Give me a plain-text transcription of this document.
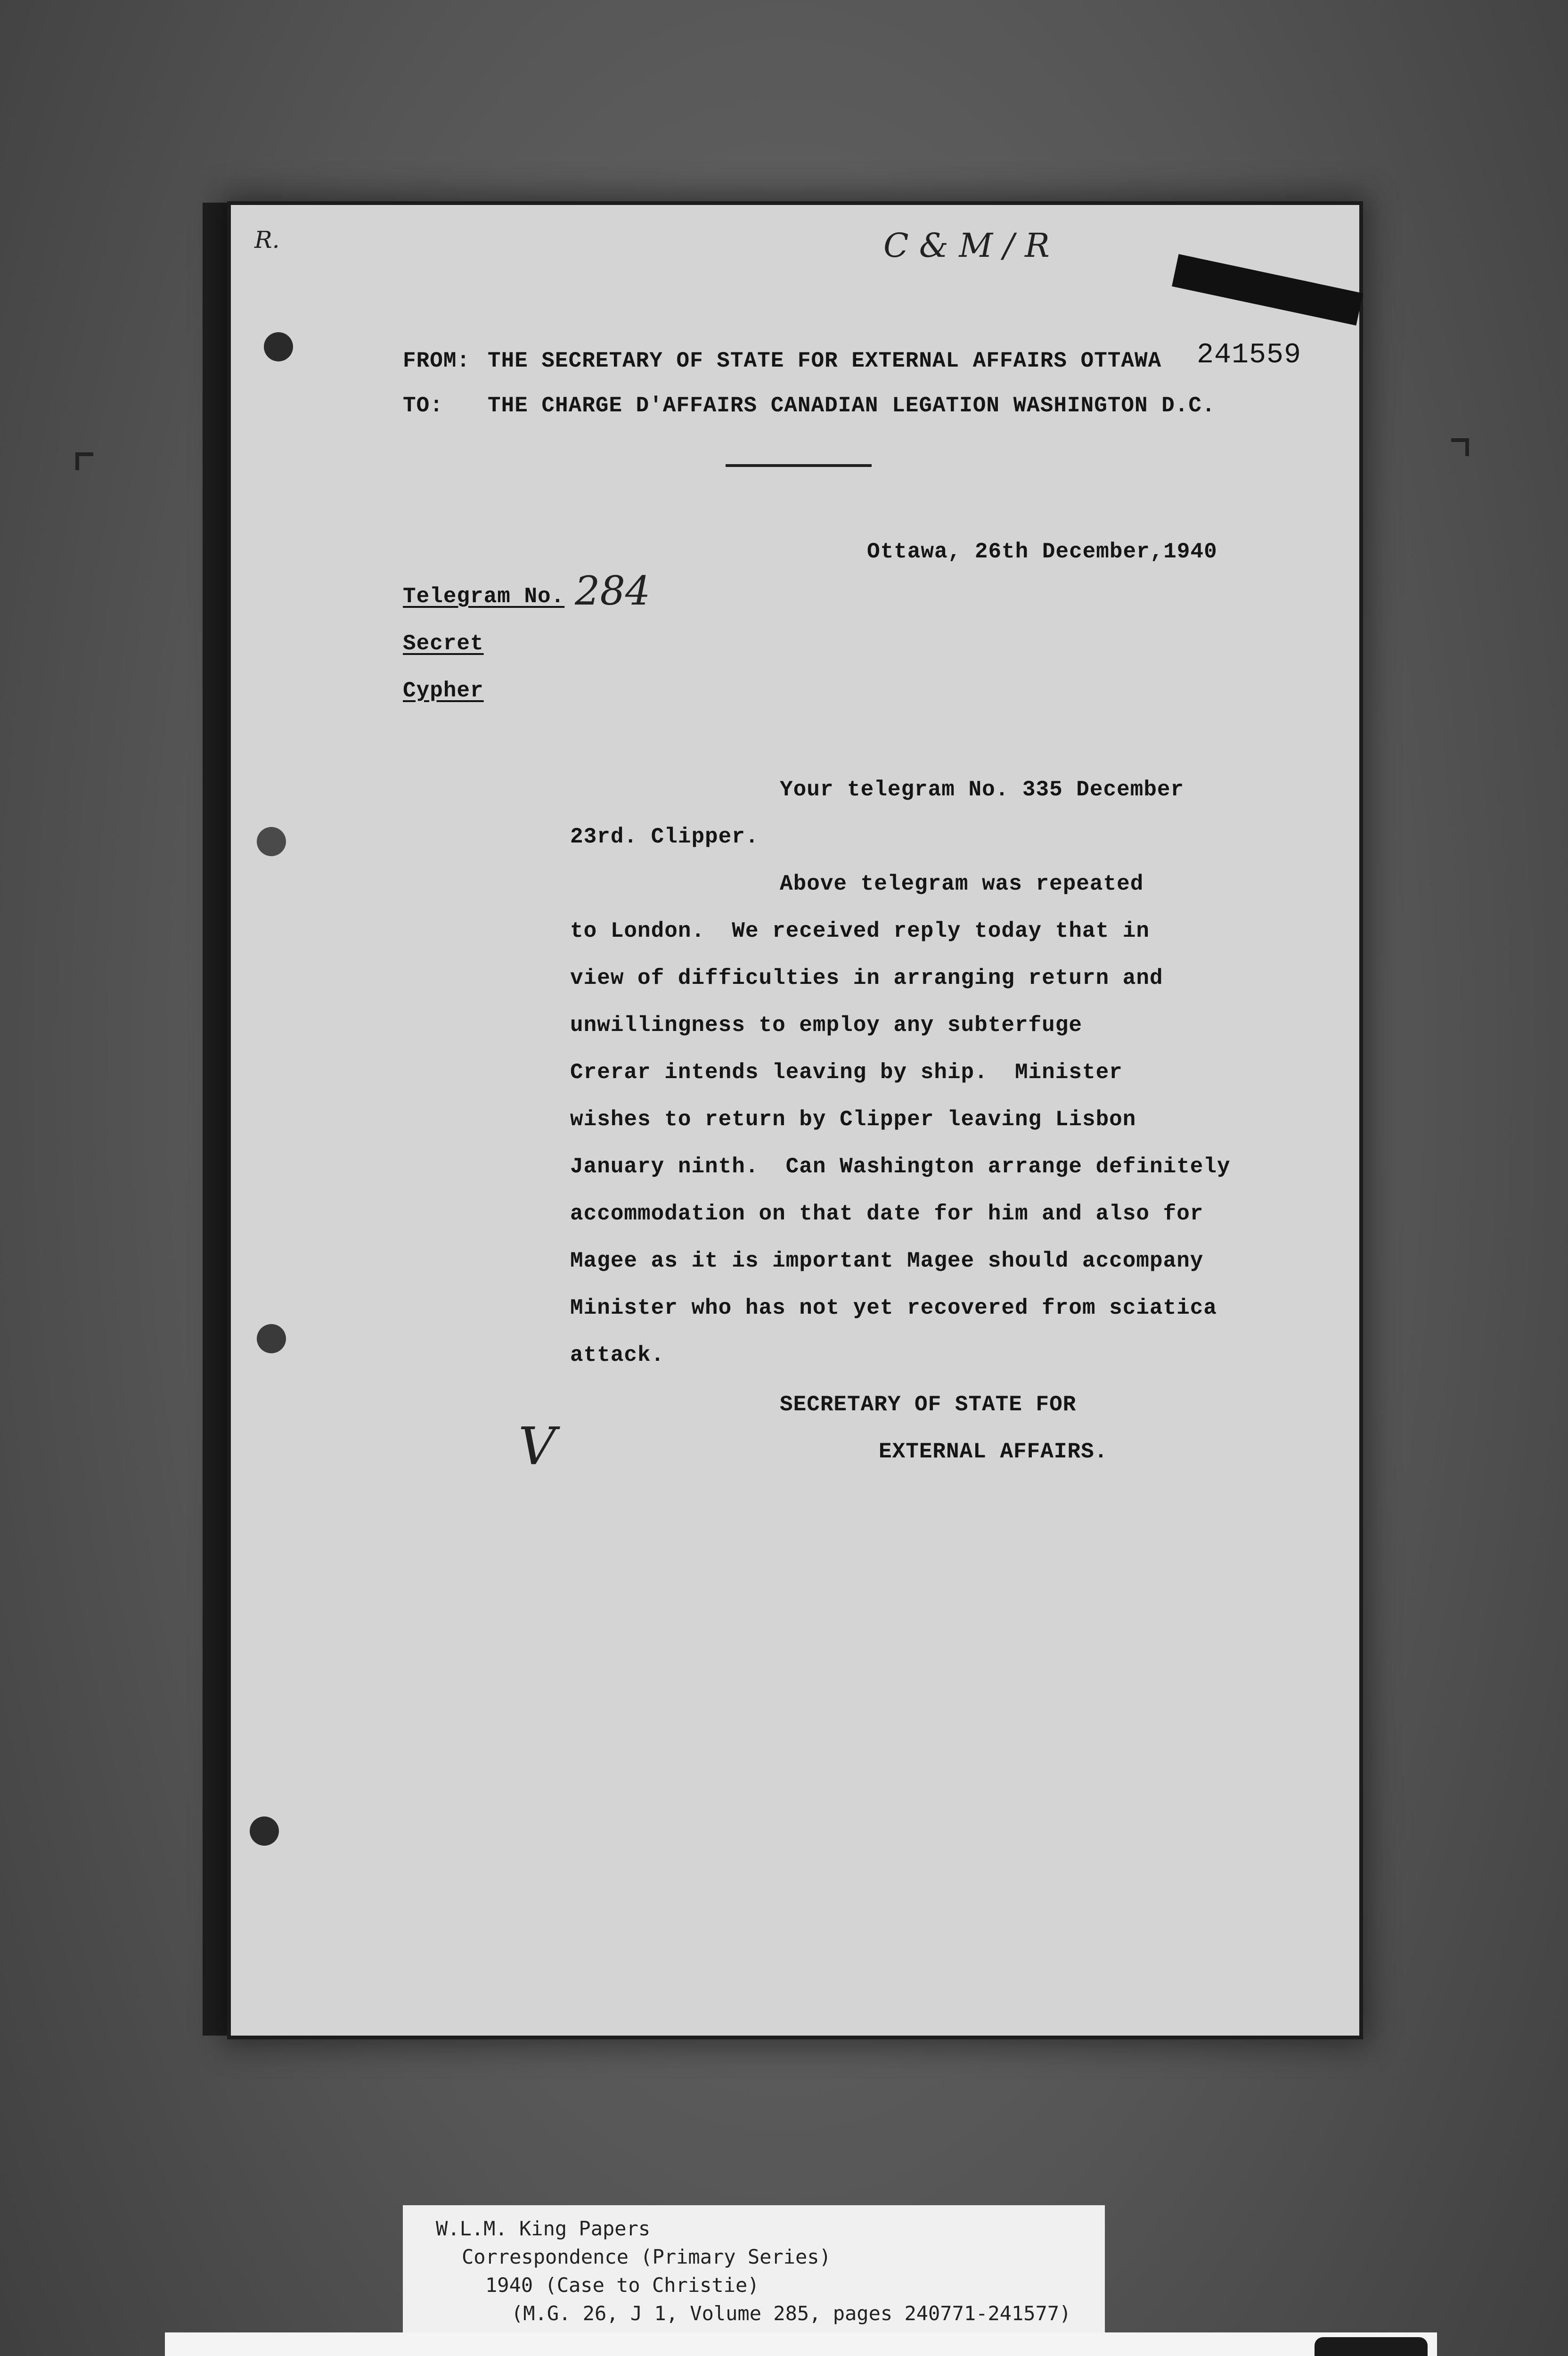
R.	C & M / R
FROM: THE SECRETARY OF STATE FOR EXTERNAL AFFAIRS OTTAWA 241559
TO: THE CHARGE D'AFFAIRS CANADIAN LEGATION WASHINGTON D.C.
Ottawa, 26th December,1940
Telegram No. 284
Secret
Cypher
Your telegram No. 335 December
23rd. Clipper.
Above telegram was repeated
to London.  We received reply today that in
view of difficulties in arranging return and
unwillingness to employ any subterfuge
Crerar intends leaving by ship.  Minister
wishes to return by Clipper leaving Lisbon
January ninth.  Can Washington arrange definitely
accommodation on that date for him and also for
Magee as it is important Magee should accompany
Minister who has not yet recovered from sciatica
attack.
SECRETARY OF STATE FOR
EXTERNAL AFFAIRS.
V
W.L.M. King Papers
Correspondence (Primary Series)
1940 (Case to Christie)
(M.G. 26, J 1, Volume 285, pages 240771-241577)
